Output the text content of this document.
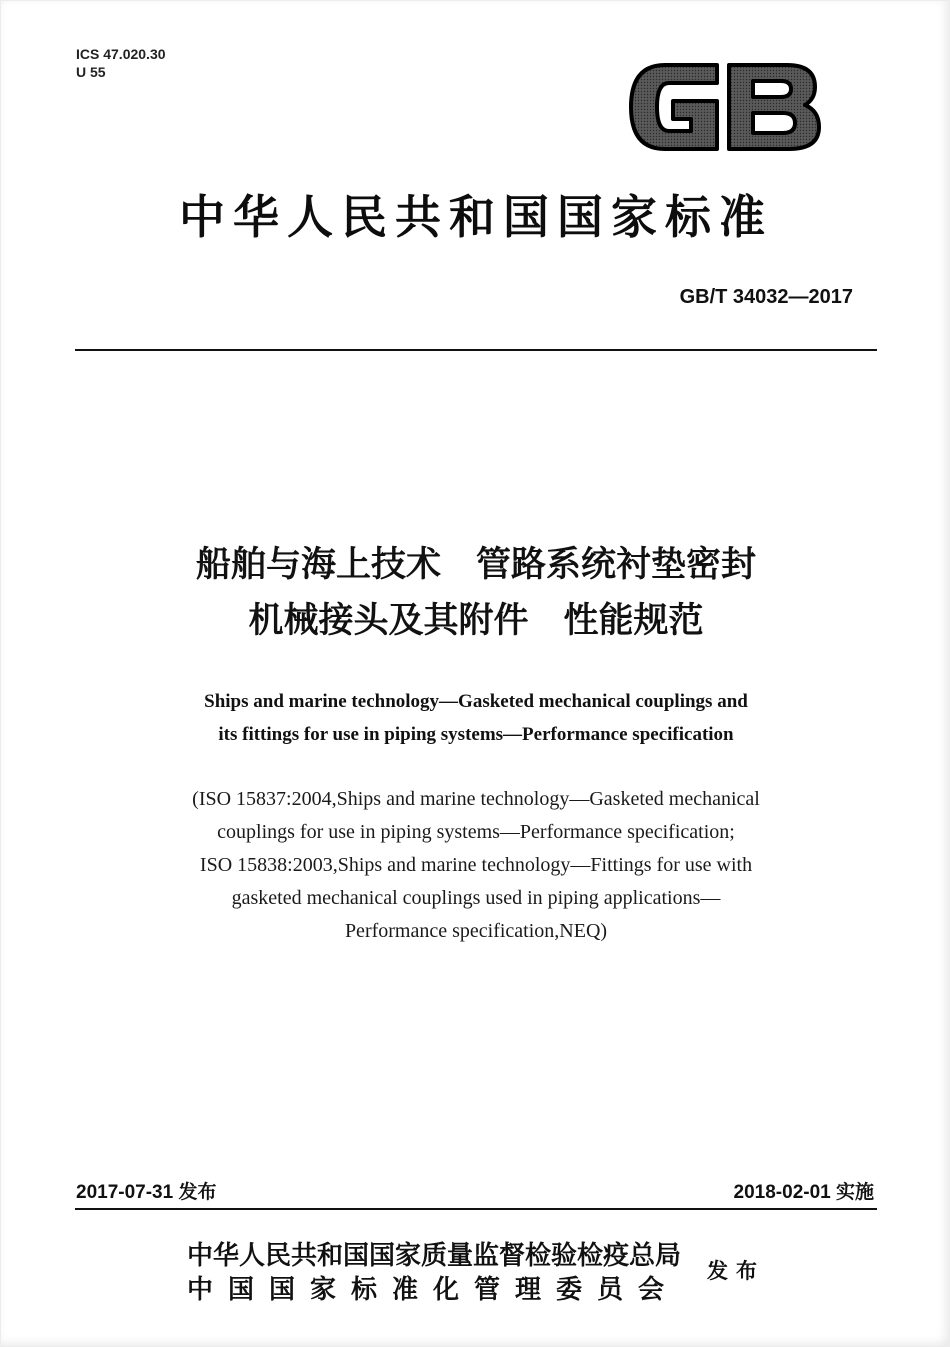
ICS 47.020.30
U 55
中华人民共和国国家标准
GB/T 34032—2017
船舶与海上技术　管路系统衬垫密封
机械接头及其附件　性能规范
Ships and marine technology—Gasketed mechanical couplings and
its fittings for use in piping systems—Performance specification
(ISO 15837:2004,Ships and marine technology—Gasketed mechanical
couplings for use in piping systems—Performance specification;
ISO 15838:2003,Ships and marine technology—Fittings for use with
gasketed mechanical couplings used in piping applications—
Performance specification,NEQ)
2017-07-31 发布	2018-02-01 实施
中华人民共和国国家质量监督检验检疫总局
中国国家标准化管理委员会
发布
